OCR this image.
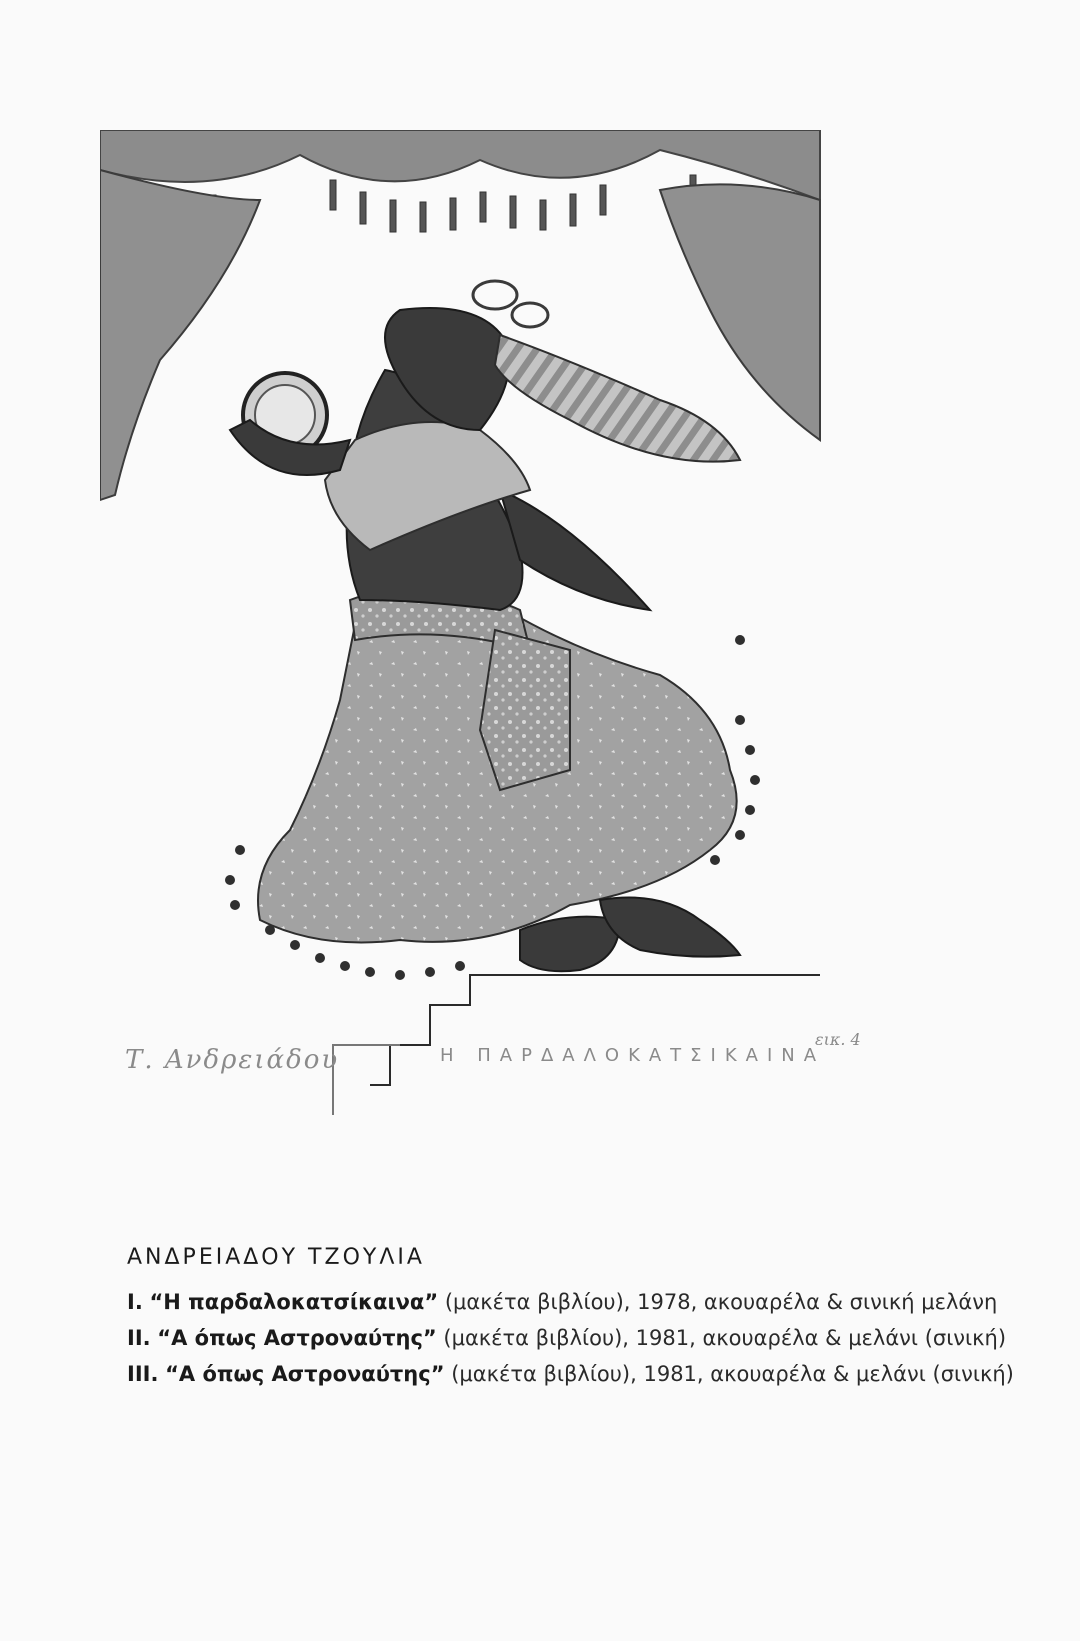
Τ. Ανδρειάδου	Η ΠΑΡΔΑΛΟΚΑΤΣΙΚΑΙΝΑ
εικ. 4
ΑΝΔΡΕΙΑΔΟΥ ΤΖΟΥΛΙΑ
I. “Η παρδαλοκατσίκαινα” (μακέτα βιβλίου), 1978, ακουαρέλα & σινική μελάνη
II. “Α όπως Αστροναύτης” (μακέτα βιβλίου), 1981, ακουαρέλα & μελάνι (σινική)
III. “Α όπως Αστροναύτης” (μακέτα βιβλίου), 1981, ακουαρέλα & μελάνι (σινική)
